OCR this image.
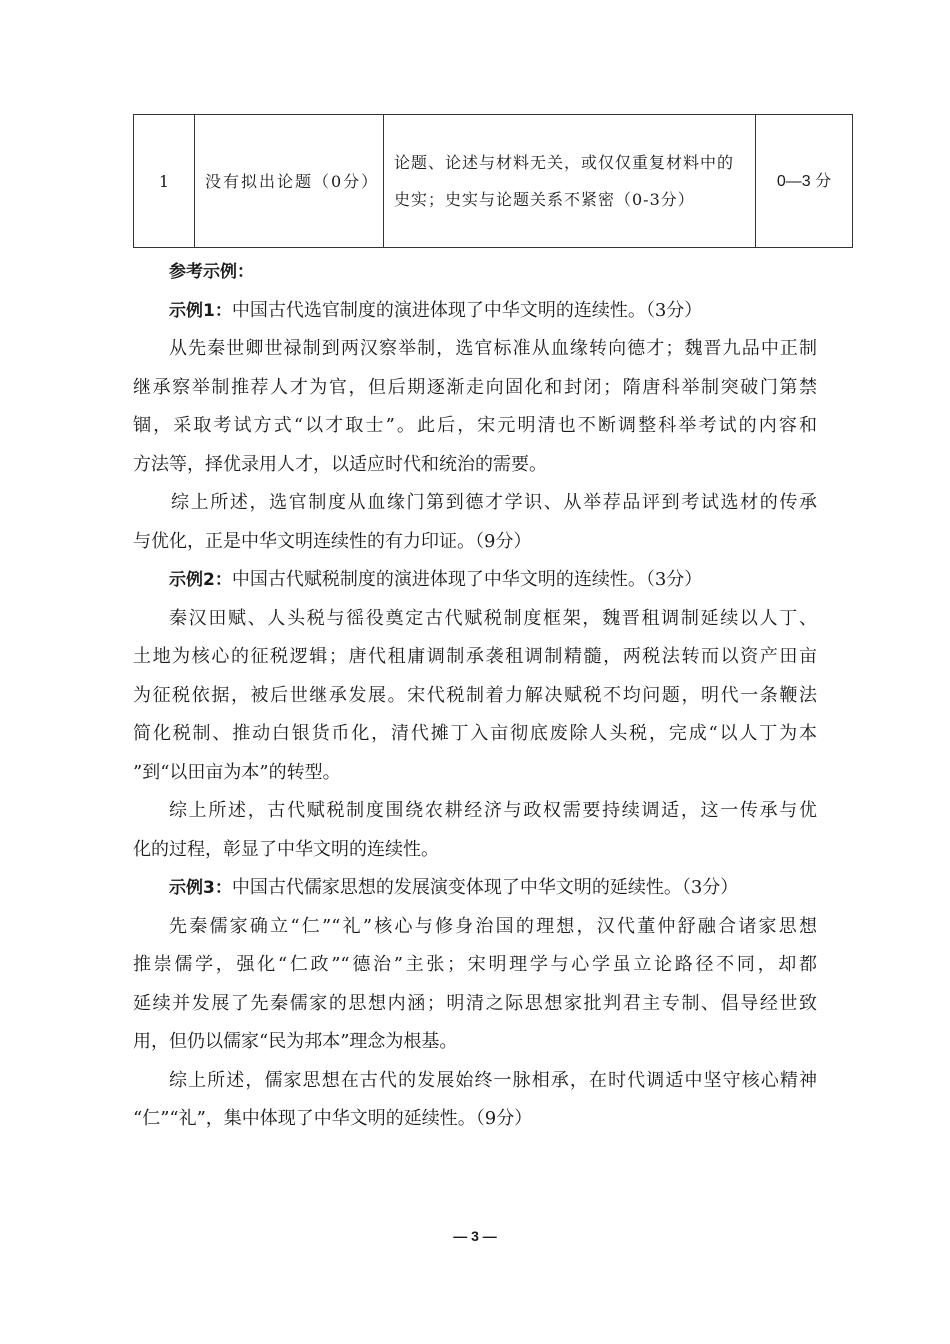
1	没有拟出论题（0分）	论题、论述与材料无关，或仅仅重复材料中的史实；史实与论题关系不紧密（0-3分）	0—3 分
参考示例：
示例1：中国古代选官制度的演进体现了中华文明的连续性。（3分）
从先秦世卿世禄制到两汉察举制，选官标准从血缘转向德才；魏晋九品中正制
继承察举制推荐人才为官，但后期逐渐走向固化和封闭；隋唐科举制突破门第禁
锢，采取考试方式“以才取士”。此后，宋元明清也不断调整科举考试的内容和
方法等，择优录用人才，以适应时代和统治的需要。
综上所述，选官制度从血缘门第到德才学识、从举荐品评到考试选材的传承
与优化，正是中华文明连续性的有力印证。（9分）
示例2：中国古代赋税制度的演进体现了中华文明的连续性。（3分）
秦汉田赋、人头税与徭役奠定古代赋税制度框架，魏晋租调制延续以人丁、
土地为核心的征税逻辑；唐代租庸调制承袭租调制精髓，两税法转而以资产田亩
为征税依据，被后世继承发展。宋代税制着力解决赋税不均问题，明代一条鞭法
简化税制、推动白银货币化，清代摊丁入亩彻底废除人头税，完成“以人丁为本
”到“以田亩为本”的转型。
综上所述，古代赋税制度围绕农耕经济与政权需要持续调适，这一传承与优
化的过程，彰显了中华文明的连续性。
示例3：中国古代儒家思想的发展演变体现了中华文明的延续性。（3分）
先秦儒家确立“仁”“礼”核心与修身治国的理想，汉代董仲舒融合诸家思想
推崇儒学，强化“仁政”“德治”主张；宋明理学与心学虽立论路径不同，却都
延续并发展了先秦儒家的思想内涵；明清之际思想家批判君主专制、倡导经世致
用，但仍以儒家“民为邦本”理念为根基。
综上所述，儒家思想在古代的发展始终一脉相承，在时代调适中坚守核心精神
“仁”“礼”，集中体现了中华文明的延续性。（9分）
— 3 —
